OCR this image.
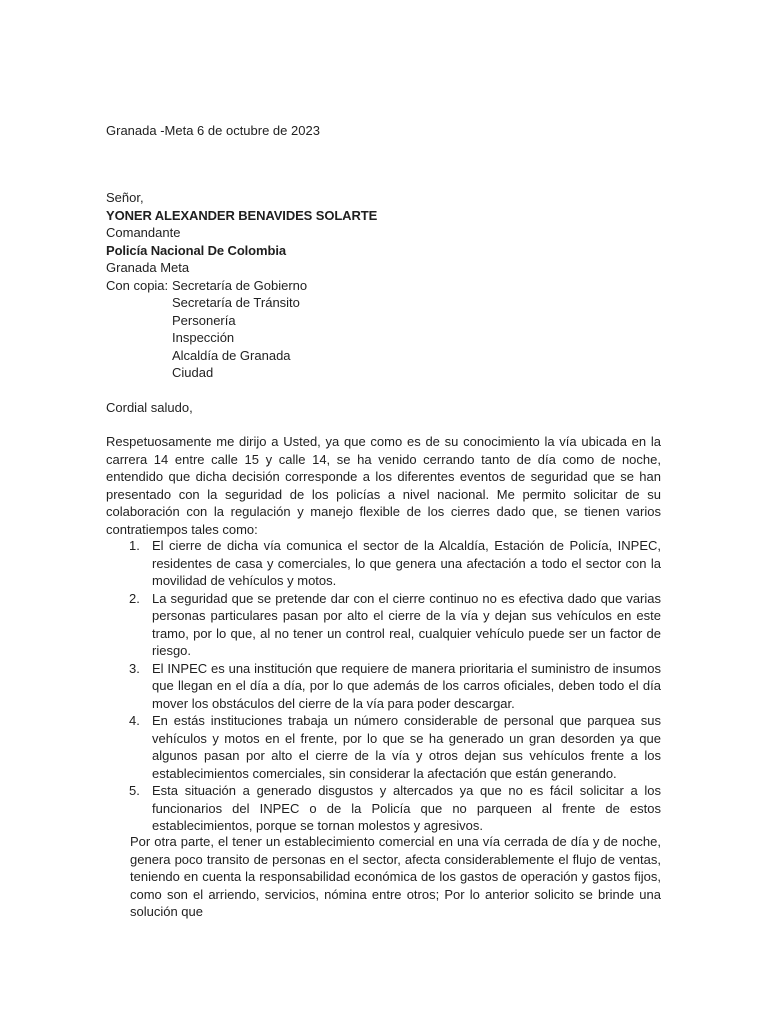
Granada -Meta 6 de octubre de 2023
Señor,
YONER ALEXANDER BENAVIDES SOLARTE
Comandante
Policía Nacional De Colombia
Granada Meta
Con copia: Secretaría de Gobierno
Secretaría de Tránsito
Personería
Inspección
Alcaldía de Granada
Ciudad
Cordial saludo,

Respetuosamente me dirijo a Usted, ya que como es de su conocimiento la vía ubicada en la carrera 14 entre calle 15 y calle 14, se ha venido cerrando tanto de día como de noche, entendido que dicha decisión corresponde a los diferentes eventos de seguridad que se han presentado con la seguridad de los policías a nivel nacional. Me permito solicitar de su colaboración con la regulación y manejo flexible de los cierres dado que, se tienen varios contratiempos tales como:

1. El cierre de dicha vía comunica el sector de la Alcaldía, Estación de Policía, INPEC, residentes de casa y comerciales, lo que genera una afectación a todo el sector con la movilidad de vehículos y motos.
2. La seguridad que se pretende dar con el cierre continuo no es efectiva dado que varias personas particulares pasan por alto el cierre de la vía y dejan sus vehículos en este tramo, por lo que, al no tener un control real, cualquier vehículo puede ser un factor de riesgo.
3. El INPEC es una institución que requiere de manera prioritaria el suministro de insumos que llegan en el día a día, por lo que además de los carros oficiales, deben todo el día mover los obstáculos del cierre de la vía para poder descargar.
4. En estás instituciones trabaja un número considerable de personal que parquea sus vehículos y motos en el frente, por lo que se ha generado un gran desorden ya que algunos pasan por alto el cierre de la vía y otros dejan sus vehículos frente a los establecimientos comerciales, sin considerar la afectación que están generando.
5. Esta situación a generado disgustos y altercados ya que no es fácil solicitar a los funcionarios del INPEC o de la Policía que no parqueen al frente de estos establecimientos, porque se tornan molestos y agresivos.

Por otra parte, el tener un establecimiento comercial en una vía cerrada de día y de noche, genera poco transito de personas en el sector, afecta considerablemente el flujo de ventas, teniendo en cuenta la responsabilidad económica de los gastos de operación y gastos fijos, como son el arriendo, servicios, nómina entre otros; Por lo anterior solicito se brinde una solución que
